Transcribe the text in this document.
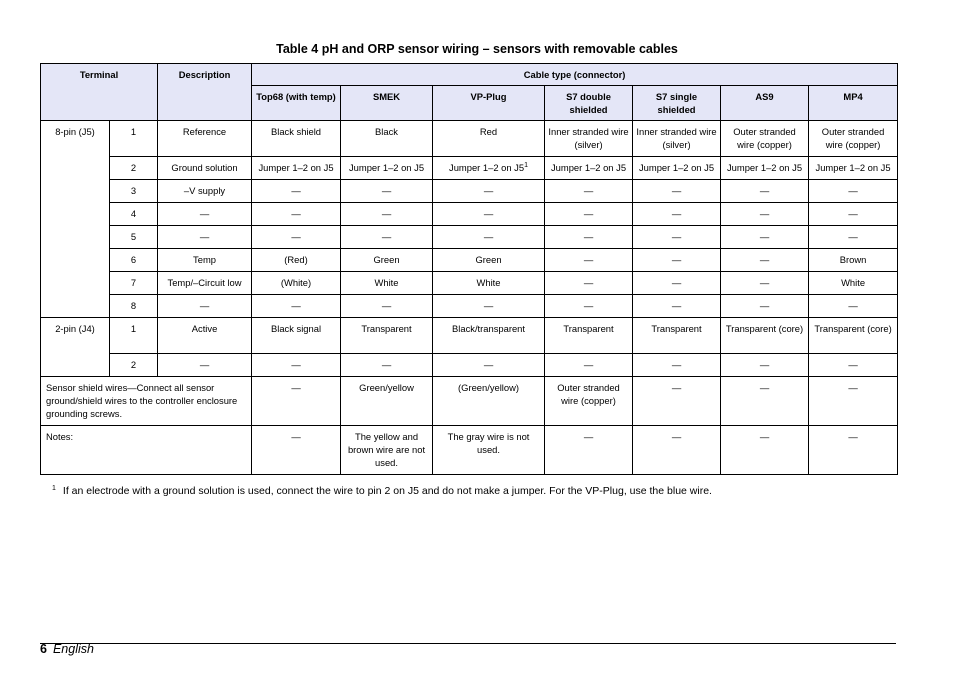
Table 4 pH and ORP sensor wiring – sensors with removable cables
Terminal		Description	Cable type (connector)						
			Top68 (with temp)	SMEK	VP-Plug	S7 double shielded	S7 single shielded	AS9	MP4
8-pin (J5)	1	Reference	Black shield	Black	Red	Inner stranded wire (silver)	Inner stranded wire (silver)	Outer stranded wire (copper)	Outer stranded wire (copper)
	2	Ground solution	Jumper 1–2 on J5	Jumper 1–2 on J5	Jumper 1–2 on $J5^1$	Jumper 1–2 on J5	Jumper 1–2 on J5	Jumper 1–2 on J5	Jumper 1–2 on J5
	3	–V supply	—	—	—	—	—	—	—
	4	—	—	—	—	—	—	—	—
	5	—	—	—	—	—	—	—	—
	6	Temp	(Red)	Green	Green	—	—	—	Brown
	7	Temp/–Circuit low	(White)	White	White	—	—	—	White
	8	—	—	—	—	—	—	—	—
2-pin (J4)	1	Active	Black signal	Transparent	Black/transparent	Transparent	Transparent	Transparent (core)	Transparent (core)
	2	—	—	—	—	—	—	—	—
Sensor shield wires—Connect all sensor ground/shield wires to the controller enclosure grounding screws.			—	Green/yellow	(Green/yellow)	Outer stranded wire (copper)	—	—	—
Notes:			—	The yellow and brown wire are not used.	The gray wire is not used.	—	—	—	—
$^1$ If an electrode with a ground solution is used, connect the wire to pin 2 on J5 and do not make a jumper. For the VP-Plug, use the blue wire.
6 English
